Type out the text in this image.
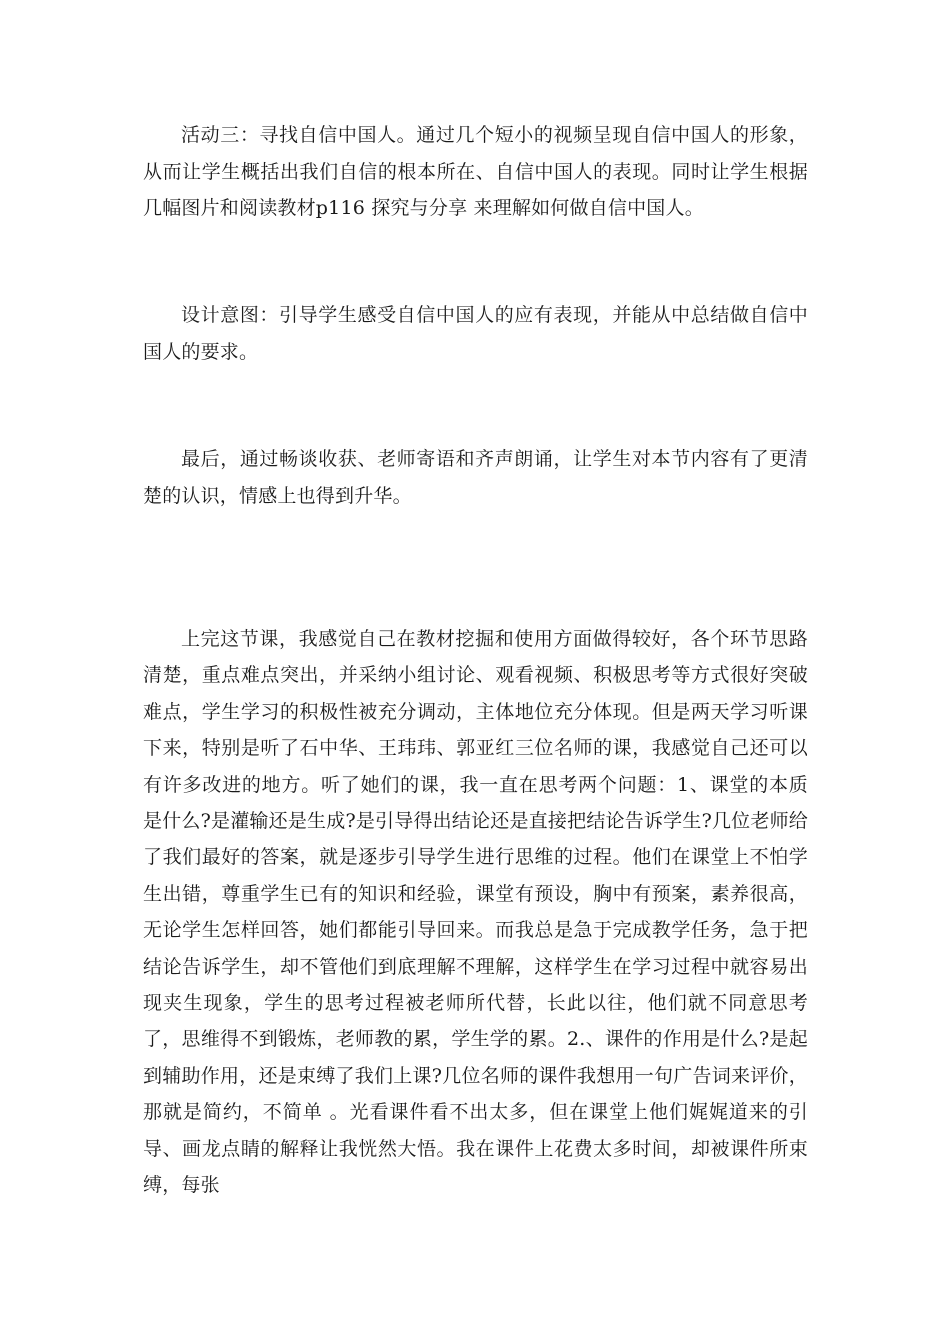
活动三：寻找自信中国人。通过几个短小的视频呈现自信中国人的形象，从而让学生概括出我们自信的根本所在、自信中国人的表现。同时让学生根据几幅图片和阅读教材p116 探究与分享 来理解如何做自信中国人。

设计意图：引导学生感受自信中国人的应有表现，并能从中总结做自信中国人的要求。

最后，通过畅谈收获、老师寄语和齐声朗诵，让学生对本节内容有了更清楚的认识，情感上也得到升华。

上完这节课，我感觉自己在教材挖掘和使用方面做得较好，各个环节思路清楚，重点难点突出，并采纳小组讨论、观看视频、积极思考等方式很好突破难点，学生学习的积极性被充分调动，主体地位充分体现。但是两天学习听课下来，特别是听了石中华、王玮玮、郭亚红三位名师的课，我感觉自己还可以有许多改进的地方。听了她们的课，我一直在思考两个问题：1、课堂的本质是什么?是灌输还是生成?是引导得出结论还是直接把结论告诉学生?几位老师给了我们最好的答案，就是逐步引导学生进行思维的过程。他们在课堂上不怕学生出错，尊重学生已有的知识和经验，课堂有预设，胸中有预案，素养很高，无论学生怎样回答，她们都能引导回来。而我总是急于完成教学任务，急于把结论告诉学生，却不管他们到底理解不理解，这样学生在学习过程中就容易出现夹生现象，学生的思考过程被老师所代替，长此以往，他们就不同意思考了，思维得不到锻炼，老师教的累，学生学的累。2.、课件的作用是什么?是起到辅助作用，还是束缚了我们上课?几位名师的课件我想用一句广告词来评价，那就是简约，不简单 。光看课件看不出太多，但在课堂上他们娓娓道来的引导、画龙点睛的解释让我恍然大悟。我在课件上花费太多时间，却被课件所束缚，每张
